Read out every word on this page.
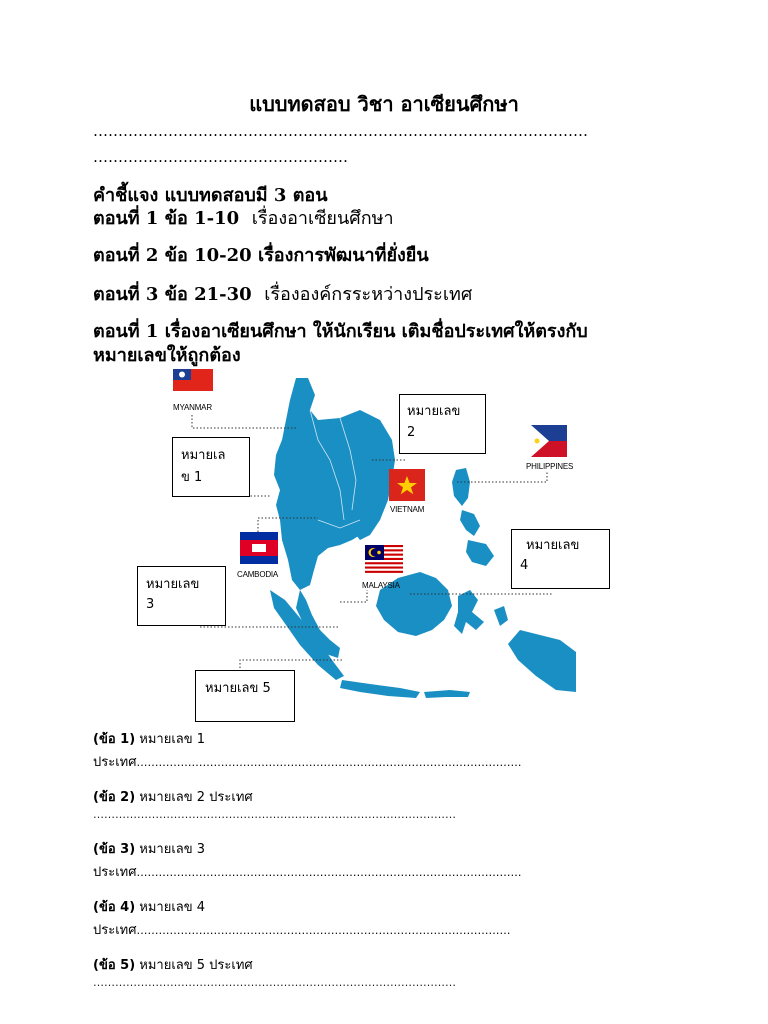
แบบทดสอบ วิชา อาเซียนศึกษา
………………………………………………………………………………………
……………………………………………
คำชี้แจง แบบทดสอบมี 3 ตอน
ตอนที่ 1 ข้อ 1-10 เรื่องอาเซียนศึกษา
ตอนที่ 2 ข้อ 10-20 เรื่องการพัฒนาที่ยั่งยืน
ตอนที่ 3 ข้อ 21-30 เรื่ององค์กรระหว่างประเทศ
ตอนที่ 1 เรื่องอาเซียนศึกษา ให้นักเรียน เติมชื่อประเทศให้ตรงกับ
หมายเลขให้ถูกต้อง
MYANMAR
PHILIPPINES
VIETNAM
CAMBODIA
MALAYSIA
หมายเล
ข 1
หมายเลข
2
หมายเลข
3
หมายเลข
4
หมายเลข 5
(ข้อ 1) หมายเลข 1
ประเทศ……………………………………………………………………………………………
(ข้อ 2) หมายเลข 2 ประเทศ
………………………………………………………………………………………
(ข้อ 3) หมายเลข 3
ประเทศ……………………………………………………………………………………………
(ข้อ 4) หมายเลข 4
ประเทศ…………………………………………………………………………………………
(ข้อ 5) หมายเลข 5 ประเทศ
………………………………………………………………………………………
